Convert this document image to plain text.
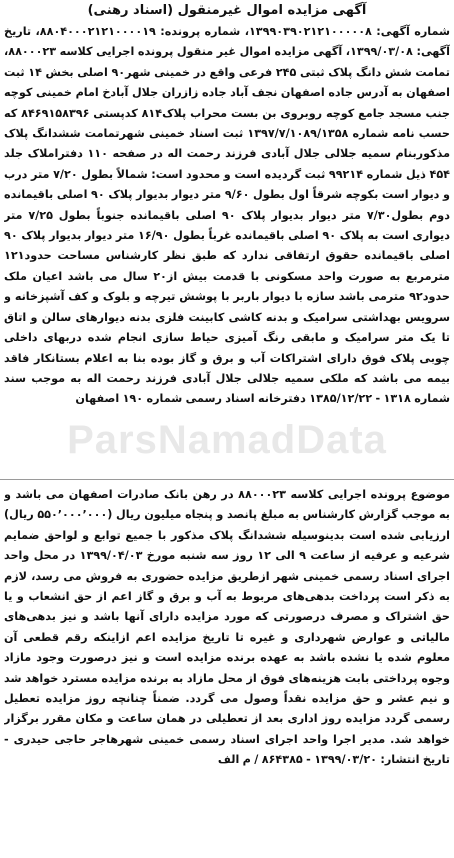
آگهی مزایده اموال غیرمنقول (اسناد رهنی)
شماره آگهی: ۱۳۹۹۰۳۹۰۲۱۲۱۰۰۰۰۰۸، شماره پرونده: ۸۸۰۴۰۰۰۲۱۲۱۰۰۰۰۱۹، تاریخ آگهی: ۱۳۹۹/۰۳/۰۸، آگهی مزایده اموال غیر منقول پرونده اجرایی کلاسه ۸۸۰۰۰۲۳، تمامت شش دانگ پلاک ثبتی ۲۴۵ فرعی واقع در خمینی شهر۹۰ اصلی بخش ۱۴ ثبت اصفهان به آدرس جاده اصفهان نجف آباد جاده زازران جلال آبادخ امام خمینی کوچه جنب مسجد جامع کوچه روبروی بن بست محراب پلاک۸۱۴ کدپستی ۸۴۶۹۱۵۸۳۹۶ که حسب نامه شماره ۱۳۹۷/۷/۱۰۸۹/۱۳۵۸ ثبت اسناد خمینی شهرتمامت ششدانگ پلاک مذکوربنام سمیه جلالی جلال آبادی فرزند رحمت اله در صفحه ۱۱۰ دفتراملاک جلد ۴۵۴ ذیل شماره ۹۹۲۱۴ ثبت گردیده است و محدود است: شمالاً بطول ۷/۲۰ متر درب و دیوار است بکوچه شرقاً اول بطول ۹/۶۰ متر دیوار بدیوار پلاک ۹۰ اصلی باقیمانده دوم بطول۷/۳۰ متر دیوار بدیوار پلاک ۹۰ اصلی باقیمانده جنوباً بطول ۷/۲۵ متر دیواری است به پلاک ۹۰ اصلی باقیمانده غرباً بطول ۱۶/۹۰ متر دیوار بدیوار پلاک ۹۰ اصلی باقیمانده حقوق ارتفاقی ندارد که طبق نظر کارشناس مساحت حدود۱۲۱ مترمربع به صورت واحد مسکونی با قدمت بیش از۲۰ سال می باشد اعیان ملک حدود۹۲ مترمی باشد سازه با دیوار باربر با پوشش تیرچه و بلوک و کف آشپزخانه و سرویس بهداشتی سرامیک و بدنه کاشی کابینت فلزی بدنه دیوارهای سالن و اتاق تا یک متر سرامیک و مابقی رنگ آمیزی حیاط سازی انجام شده دربهای داخلی چوبی پلاک فوق دارای اشتراکات آب و برق و گاز بوده بنا به اعلام بستانکار فاقد بیمه می باشد که ملکی سمیه جلالی جلال آبادی فرزند رحمت اله به موجب سند شماره ۱۳۱۸ - ۱۳۸۵/۱۲/۲۲ دفترخانه اسناد رسمی شماره ۱۹۰ اصفهان
ParsNamadData
موضوع پرونده اجرایی کلاسه ۸۸۰۰۰۲۳ در رهن بانک صادرات اصفهان می باشد و به موجب گزارش کارشناس به مبلغ پانصد و پنجاه میلیون ریال (۵۵۰٬۰۰۰٬۰۰۰ ریال) ارزیابی شده است بدینوسیله ششدانگ پلاک مذکور با جمیع توابع و لواحق ضمایم شرعیه و عرفیه از ساعت ۹ الی ۱۲ روز سه شنبه مورخ ۱۳۹۹/۰۴/۰۳ در محل واحد اجرای اسناد رسمی خمینی شهر ازطریق مزایده حضوری به فروش می رسد، لازم به ذکر است پرداخت بدهی‌های مربوط به آب و برق و گاز اعم از حق انشعاب و یا حق اشتراک و مصرف درصورتی که مورد مزایده دارای آنها باشد و نیز بدهی‌های مالیاتی و عوارض شهرداری و غیره تا تاریخ مزایده اعم ازاینکه رقم قطعی آن معلوم شده یا نشده باشد به عهده برنده مزایده است و نیز درصورت وجود مازاد وجوه پرداختی بابت هزینه‌های فوق از محل مازاد به برنده مزایده مسترد خواهد شد و نیم عشر و حق مزایده نقداً وصول می گردد. ضمناً چنانچه روز مزایده تعطیل رسمی گردد مزایده روز اداری بعد از تعطیلی در همان ساعت و مکان مقرر برگزار خواهد شد. مدیر اجرا واحد اجرای اسناد رسمی خمینی شهرهاجر حاجی حیدری - تاریخ انتشار: ۱۳۹۹/۰۳/۲۰ - ۸۶۴۳۸۵ / م الف
